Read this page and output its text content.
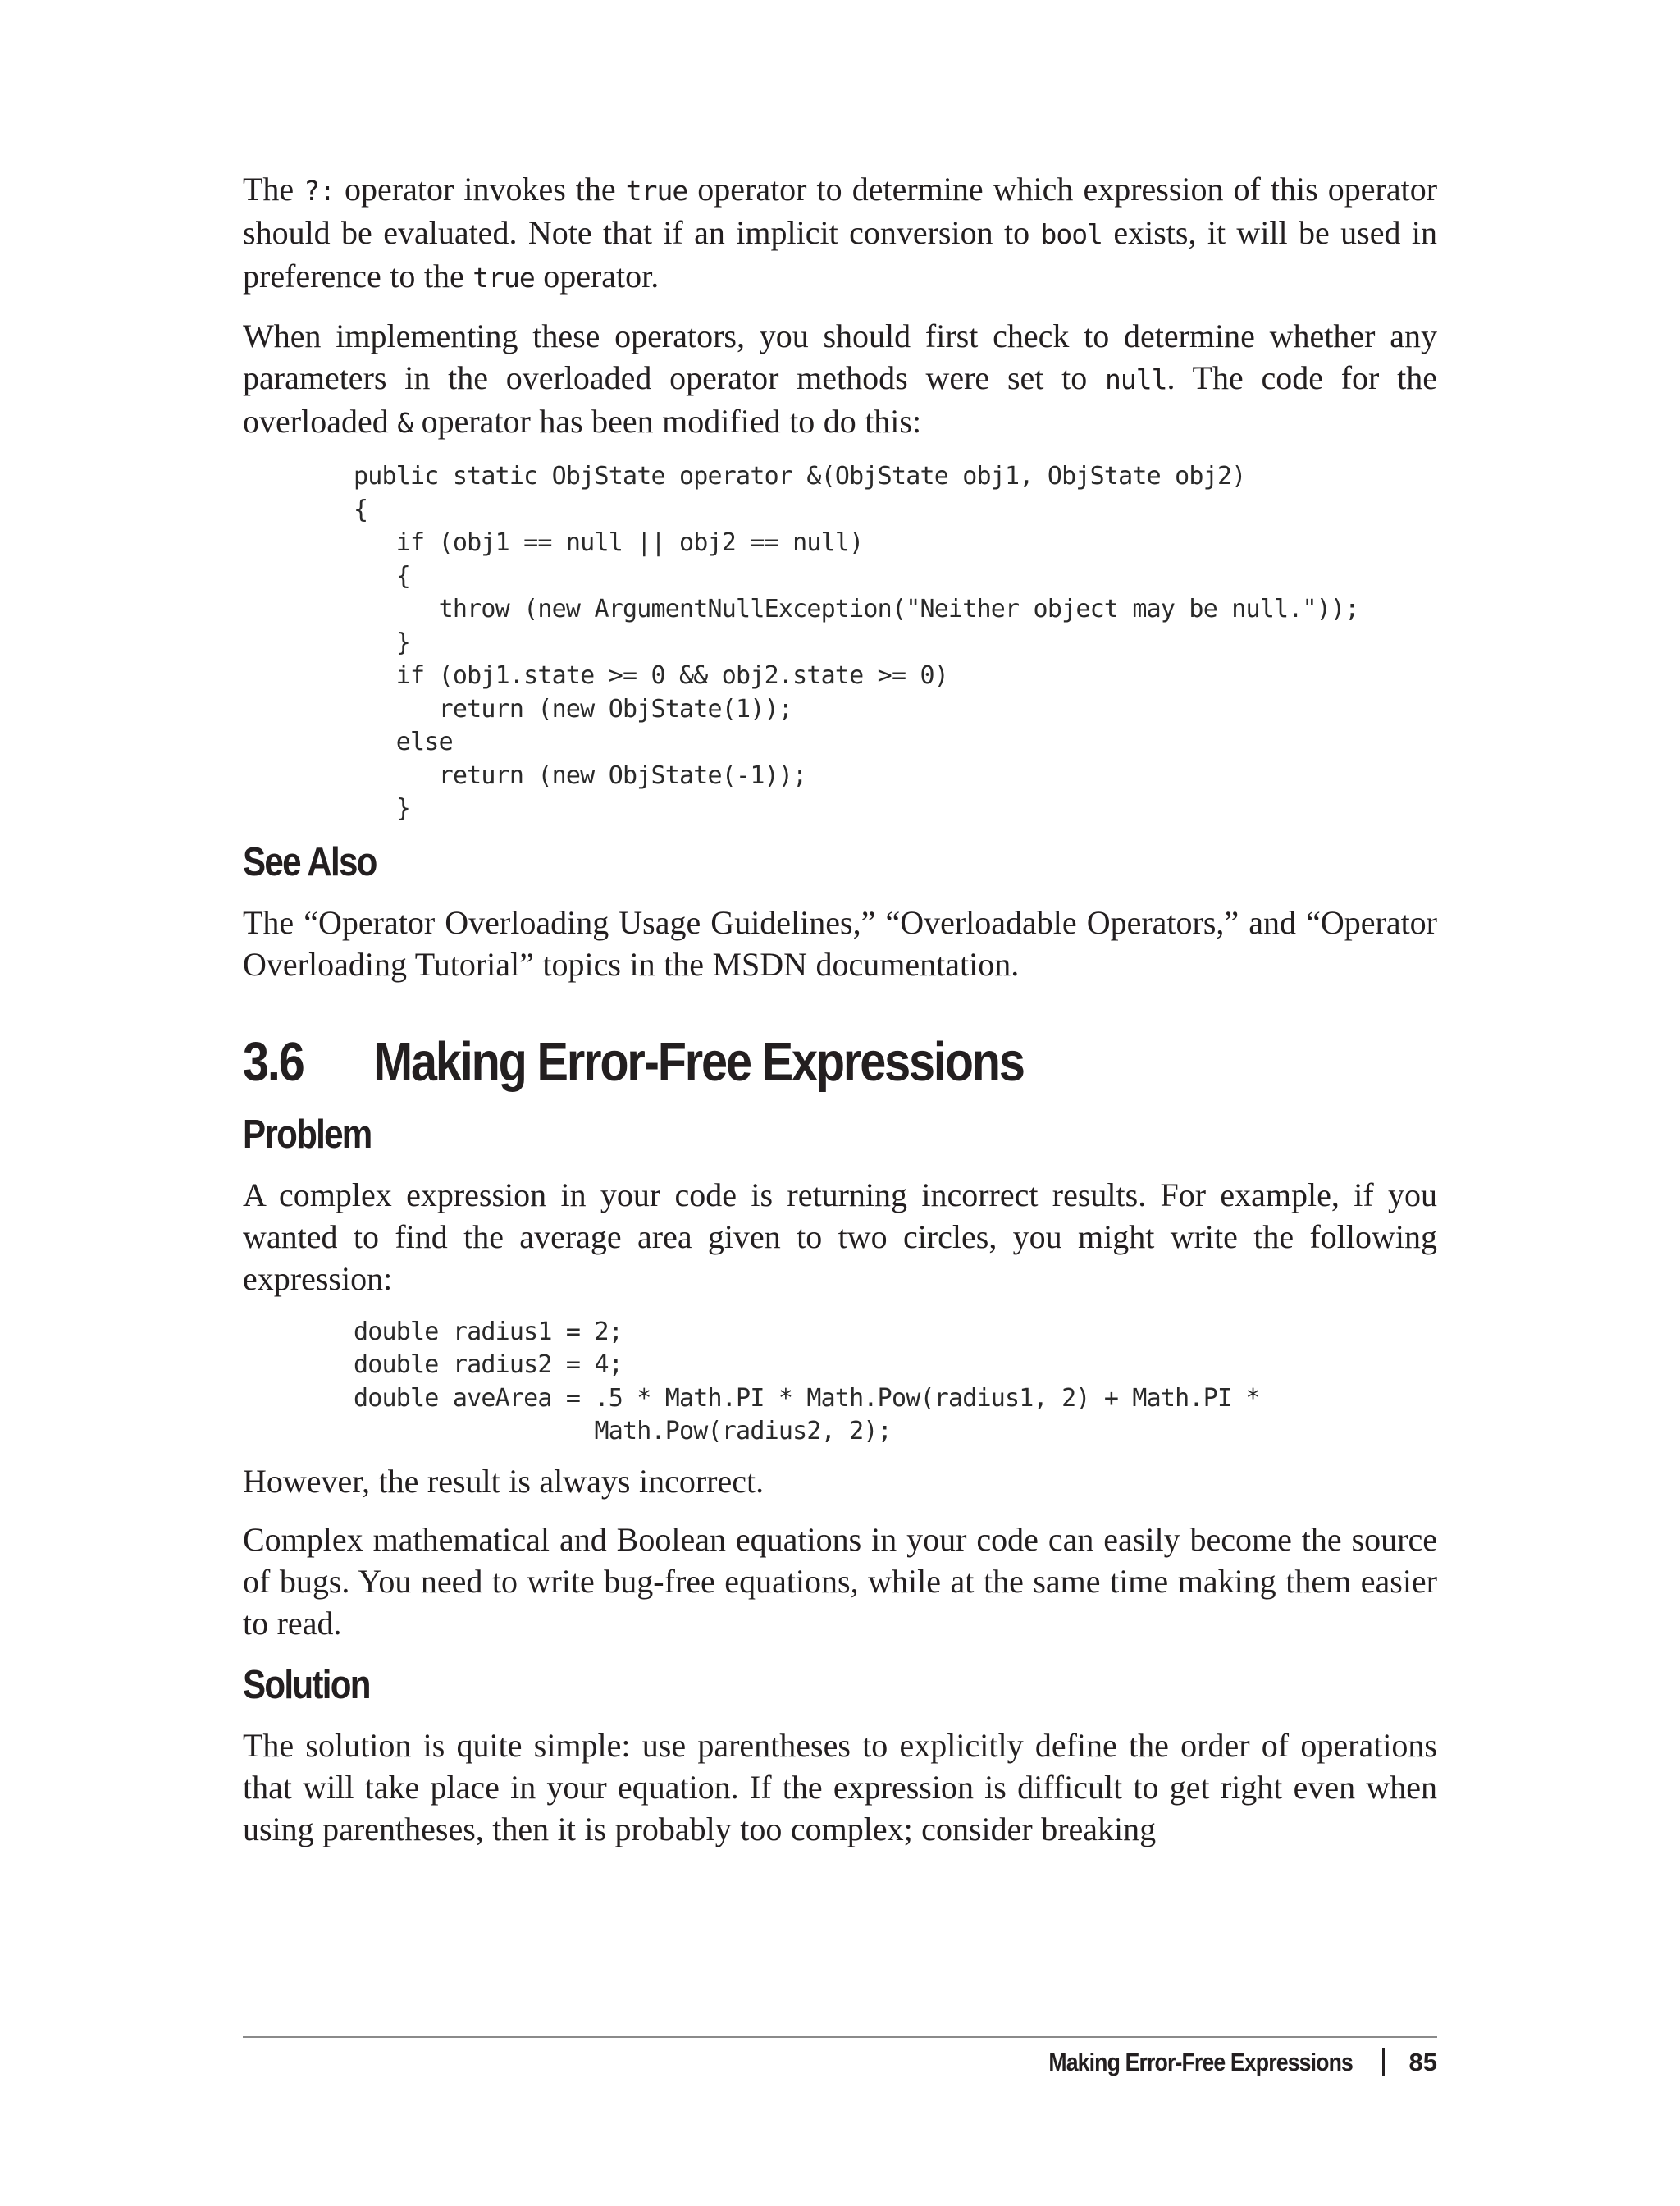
The ?: operator invokes the true operator to determine which expression of this operator should be evaluated. Note that if an implicit conversion to bool exists, it will be used in preference to the true operator.

When implementing these operators, you should first check to determine whether any parameters in the overloaded operator methods were set to null. The code for the overloaded & operator has been modified to do this:

public static ObjState operator &(ObjState obj1, ObjState obj2)
{
if (obj1 == null || obj2 == null)
{
throw (new ArgumentNullException("Neither object may be null."));
}
if (obj1.state >= 0 && obj2.state >= 0)
return (new ObjState(1));
else
return (new ObjState(-1));
}
See Also

The “Operator Overloading Usage Guidelines,” “Overloadable Operators,” and “Operator Overloading Tutorial” topics in the MSDN documentation.

3.6 Making Error-Free Expressions
Problem

A complex expression in your code is returning incorrect results. For example, if you wanted to find the average area given to two circles, you might write the following expression:

double radius1 = 2;
double radius2 = 4;
double aveArea = .5 * Math.PI * Math.Pow(radius1, 2) + Math.PI *
Math.Pow(radius2, 2);

However, the result is always incorrect.

Complex mathematical and Boolean equations in your code can easily become the source of bugs. You need to write bug-free equations, while at the same time making them easier to read.

Solution

The solution is quite simple: use parentheses to explicitly define the order of operations that will take place in your equation. If the expression is difficult to get right even when using parentheses, then it is probably too complex; consider breaking

Making Error-Free Expressions 85
